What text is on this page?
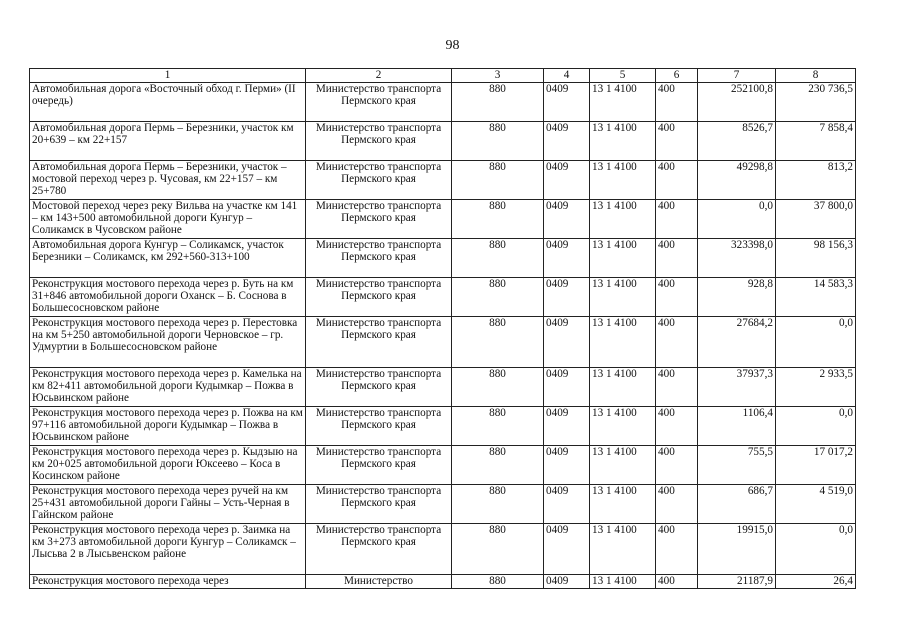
98
1	2	3	4	5	6	7	8
Автомобильная дорога «Восточный обход г. Перми» (II очередь)	Министерство транспорта Пермского края	880	0409	13 1 4100	400	252100,8	230 736,5
Автомобильная дорога Пермь – Березники, участок км 20+639 – км 22+157	Министерство транспорта Пермского края	880	0409	13 1 4100	400	8526,7	7 858,4
Автомобильная дорога Пермь – Березники, участок – мостовой переход через р. Чусовая, км 22+157 – км 25+780	Министерство транспорта Пермского края	880	0409	13 1 4100	400	49298,8	813,2
Мостовой переход через реку Вильва на участке км 141 – км 143+500 автомобильной дороги Кунгур – Соликамск в Чусовском районе	Министерство транспорта Пермского края	880	0409	13 1 4100	400	0,0	37 800,0
Автомобильная дорога Кунгур – Соликамск, участок Березники – Соликамск, км 292+560-313+100	Министерство транспорта Пермского края	880	0409	13 1 4100	400	323398,0	98 156,3
Реконструкция мостового перехода через р. Буть на км 31+846 автомобильной дороги Оханск – Б. Соснова в Большесосновском районе	Министерство транспорта Пермского края	880	0409	13 1 4100	400	928,8	14 583,3
Реконструкция мостового перехода через р. Перестовка на км 5+250 автомобильной дороги Черновское – гр. Удмуртии в Большесосновском районе	Министерство транспорта Пермского края	880	0409	13 1 4100	400	27684,2	0,0
Реконструкция мостового перехода через р. Камелька на км 82+411 автомобильной дороги Кудымкар – Пожва в Юсьвинском районе	Министерство транспорта Пермского края	880	0409	13 1 4100	400	37937,3	2 933,5
Реконструкция мостового перехода через р. Пожва на км 97+116 автомобильной дороги Кудымкар – Пожва в Юсьвинском районе	Министерство транспорта Пермского края	880	0409	13 1 4100	400	1106,4	0,0
Реконструкция мостового перехода через р. Кыдзыю на км 20+025 автомобильной дороги Юксеево – Коса в Косинском районе	Министерство транспорта Пермского края	880	0409	13 1 4100	400	755,5	17 017,2
Реконструкция мостового перехода через ручей на км 25+431 автомобильной дороги Гайны – Усть-Черная в Гайнском районе	Министерство транспорта Пермского края	880	0409	13 1 4100	400	686,7	4 519,0
Реконструкция мостового перехода через р. Заимка на км 3+273 автомобильной дороги Кунгур – Соликамск – Лысьва 2 в Лысьвенском районе	Министерство транспорта Пермского края	880	0409	13 1 4100	400	19915,0	0,0
Реконструкция мостового перехода через	Министерство	880	0409	13 1 4100	400	21187,9	26,4
